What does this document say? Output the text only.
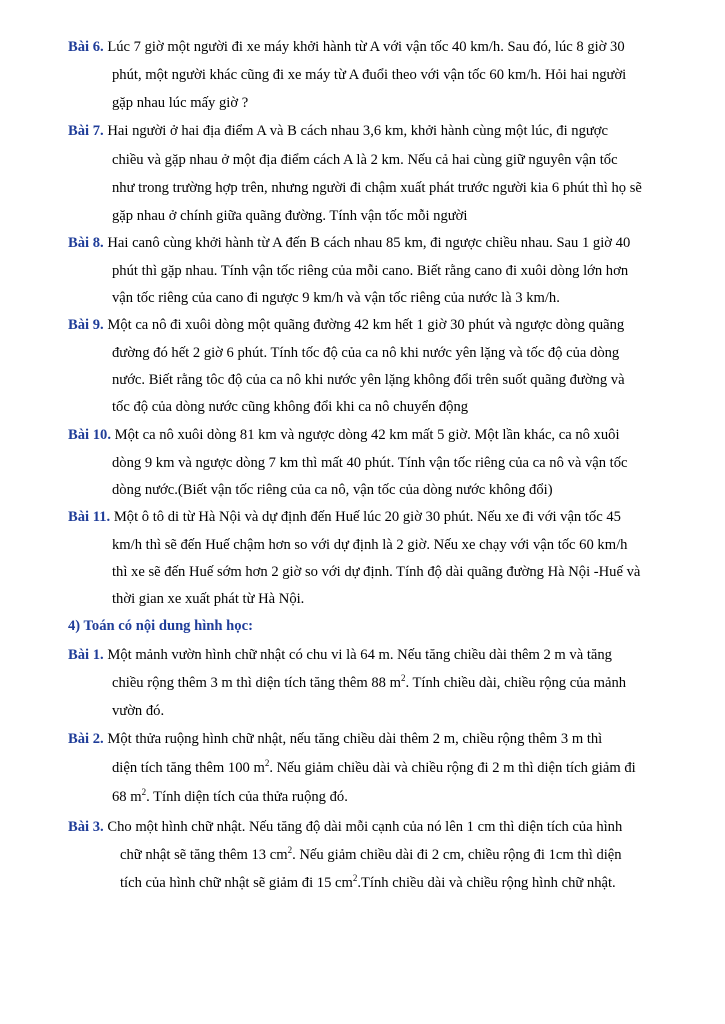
Bài 6. Lúc 7 giờ một người đi xe máy khởi hành từ A với vận tốc 40 km/h. Sau đó, lúc 8 giờ 30
phút, một người khác cũng đi xe máy từ A đuổi theo với vận tốc 60 km/h. Hỏi hai người
gặp nhau lúc mấy giờ ?
Bài 7. Hai người ở hai địa điểm A và B cách nhau 3,6 km, khởi hành cùng một lúc, đi ngược
chiều và gặp nhau ở một địa điểm cách A là 2 km. Nếu cả hai cùng giữ nguyên vận tốc
như trong trường hợp trên, nhưng người đi chậm xuất phát trước người kia 6 phút thì họ sẽ
gặp nhau ở chính giữa quãng đường. Tính vận tốc mỗi người
Bài 8. Hai canô cùng khởi hành từ A đến B cách nhau 85 km, đi ngược chiều nhau. Sau 1 giờ 40
phút thì gặp nhau. Tính vận tốc riêng của mỗi cano. Biết rằng cano đi xuôi dòng lớn hơn
vận tốc riêng của cano đi ngược 9 km/h và vận tốc riêng của nước là 3 km/h.
Bài 9. Một ca nô đi xuôi dòng một quãng đường 42 km hết 1 giờ 30 phút và ngược dòng quãng
đường đó hết 2 giờ 6 phút. Tính tốc độ của ca nô khi nước yên lặng và tốc độ của dòng
nước. Biết rằng tôc độ của ca nô khi nước yên lặng không đổi trên suốt quãng đường và
tốc độ của dòng nước cũng không đổi khi ca nô chuyển động
Bài 10. Một ca nô xuôi dòng 81 km và ngược dòng 42 km mất 5 giờ. Một lần khác, ca nô xuôi
dòng 9 km và ngược dòng 7 km thì mất 40 phút. Tính vận tốc riêng của ca nô và vận tốc
dòng nước.(Biết vận tốc riêng của ca nô, vận tốc của dòng nước không đổi)
Bài 11. Một ô tô di từ Hà Nội và dự định đến Huế lúc 20 giờ 30 phút. Nếu xe đi với vận tốc 45
km/h thì sẽ đến Huế chậm hơn so với dự định là 2 giờ. Nếu xe chạy với vận tốc 60 km/h
thì xe sẽ đến Huế sớm hơn 2 giờ so với dự định. Tính độ dài quãng đường Hà Nội -Huế và
thời gian xe xuất phát từ Hà Nội.
4) Toán có nội dung hình học:
Bài 1. Một mảnh vườn hình chữ nhật có chu vi là 64 m. Nếu tăng chiều dài thêm 2 m và tăng
chiều rộng thêm 3 m thì diện tích tăng thêm 88 $m^2$. Tính chiều dài, chiều rộng của mảnh
vườn đó.
Bài 2. Một thửa ruộng hình chữ nhật, nếu tăng chiều dài thêm 2 m, chiều rộng thêm 3 m thì
diện tích tăng thêm 100 $m^2$. Nếu giảm chiều dài và chiều rộng đi 2 m thì diện tích giảm đi
68 $m^2$. Tính diện tích của thửa ruộng đó.
Bài 3. Cho một hình chữ nhật. Nếu tăng độ dài mỗi cạnh của nó lên 1 cm thì diện tích của hình
chữ nhật sẽ tăng thêm 13 $cm^2$. Nếu giảm chiều dài đi 2 cm, chiều rộng đi 1cm thì diện
tích của hình chữ nhật sẽ giảm đi 15 $cm^2.Tính$ chiều dài và chiều rộng hình chữ nhật.
